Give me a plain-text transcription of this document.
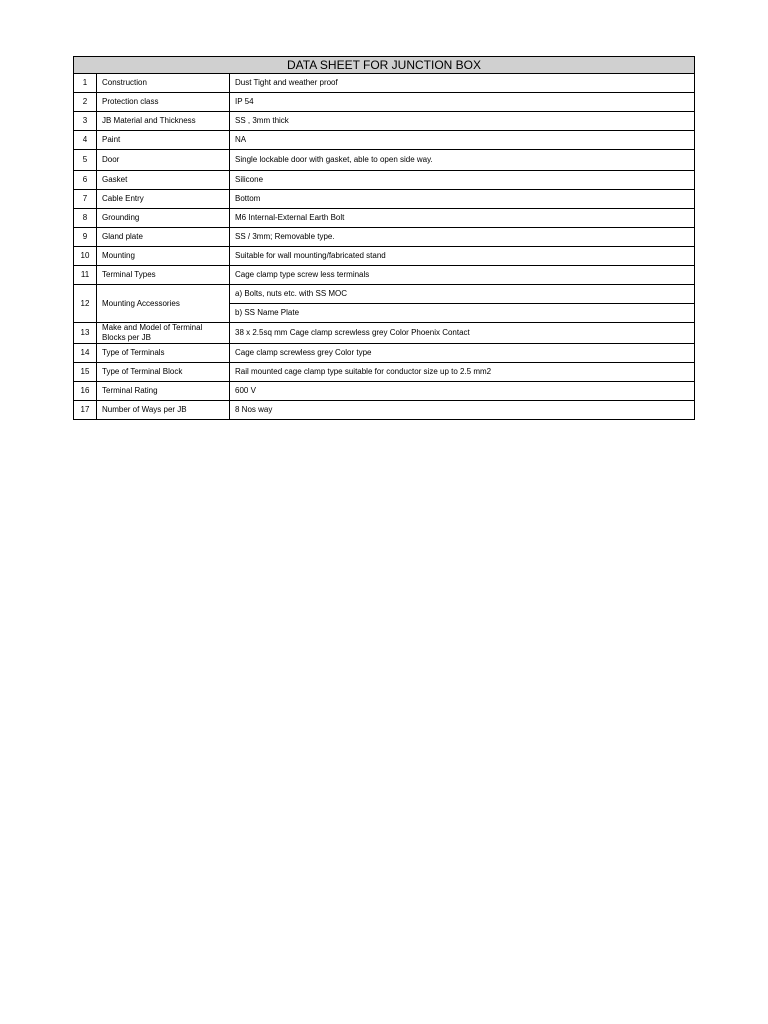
DATA SHEET FOR JUNCTION BOX		
1	Construction	Dust Tight and weather proof
2	Protection class	IP 54
3	JB Material and Thickness	SS , 3mm thick
4	Paint	NA
5	Door	Single lockable door with gasket, able to open side way.
6	Gasket	Silicone
7	Cable Entry	Bottom
8	Grounding	M6 Internal-External Earth Bolt
9	Gland plate	SS / 3mm; Removable type.
10	Mounting	Suitable for wall mounting/fabricated stand
11	Terminal Types	Cage clamp type screw less terminals
12	Mounting Accessories	a) Bolts, nuts etc. with SS MOC
		b) SS Name Plate
13	Make and Model of Terminal Blocks per JB	38 x 2.5sq mm Cage clamp screwless grey Color Phoenix Contact
14	Type of Terminals	Cage clamp screwless grey Color type
15	Type of Terminal Block	Rail mounted cage clamp type suitable for conductor size up to 2.5 mm2
16	Terminal Rating	600 V
17	Number of Ways per JB	8 Nos way
